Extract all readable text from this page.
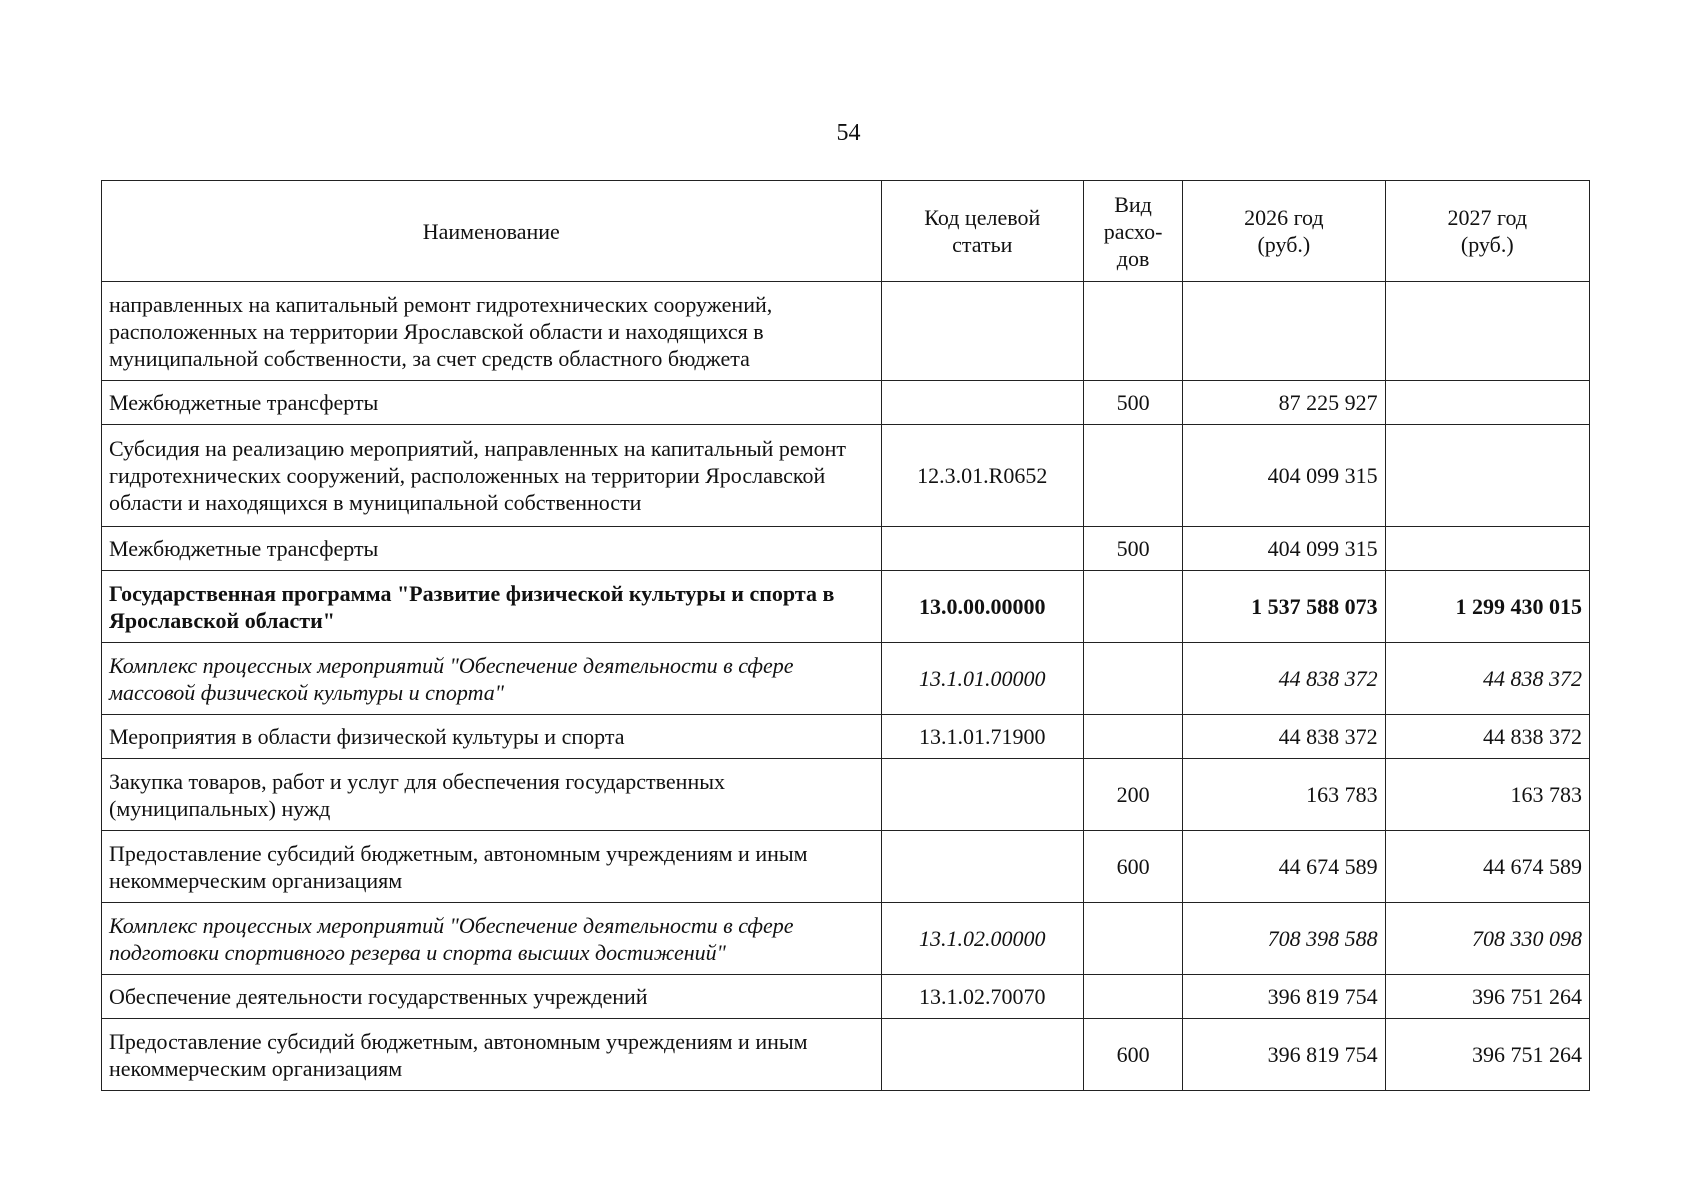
54
Наименование	Код целевой статьи	Вид расхо- дов	2026 год (руб.)	2027 год (руб.)
направленных на капитальный ремонт гидротехнических сооружений, расположенных на территории Ярославской области и находящихся в муниципальной собственности, за счет средств областного бюджета				
Межбюджетные трансферты		500	87 225 927	
Субсидия на реализацию мероприятий, направленных на капитальный ремонт гидротехнических сооружений, расположенных на территории Ярославской области и находящихся в муниципальной собственности	12.3.01.R0652		404 099 315	
Межбюджетные трансферты		500	404 099 315	
Государственная программа "Развитие физической культуры и спорта в Ярославской области"	13.0.00.00000		1 537 588 073	1 299 430 015
Комплекс процессных мероприятий "Обеспечение деятельности в сфере массовой физической культуры и спорта"	13.1.01.00000		44 838 372	44 838 372
Мероприятия в области физической культуры и спорта	13.1.01.71900		44 838 372	44 838 372
Закупка товаров, работ и услуг для обеспечения государственных (муниципальных) нужд		200	163 783	163 783
Предоставление субсидий бюджетным, автономным учреждениям и иным некоммерческим организациям		600	44 674 589	44 674 589
Комплекс процессных мероприятий "Обеспечение деятельности в сфере подготовки спортивного резерва и спорта высших достижений"	13.1.02.00000		708 398 588	708 330 098
Обеспечение деятельности государственных учреждений	13.1.02.70070		396 819 754	396 751 264
Предоставление субсидий бюджетным, автономным учреждениям и иным некоммерческим организациям		600	396 819 754	396 751 264
